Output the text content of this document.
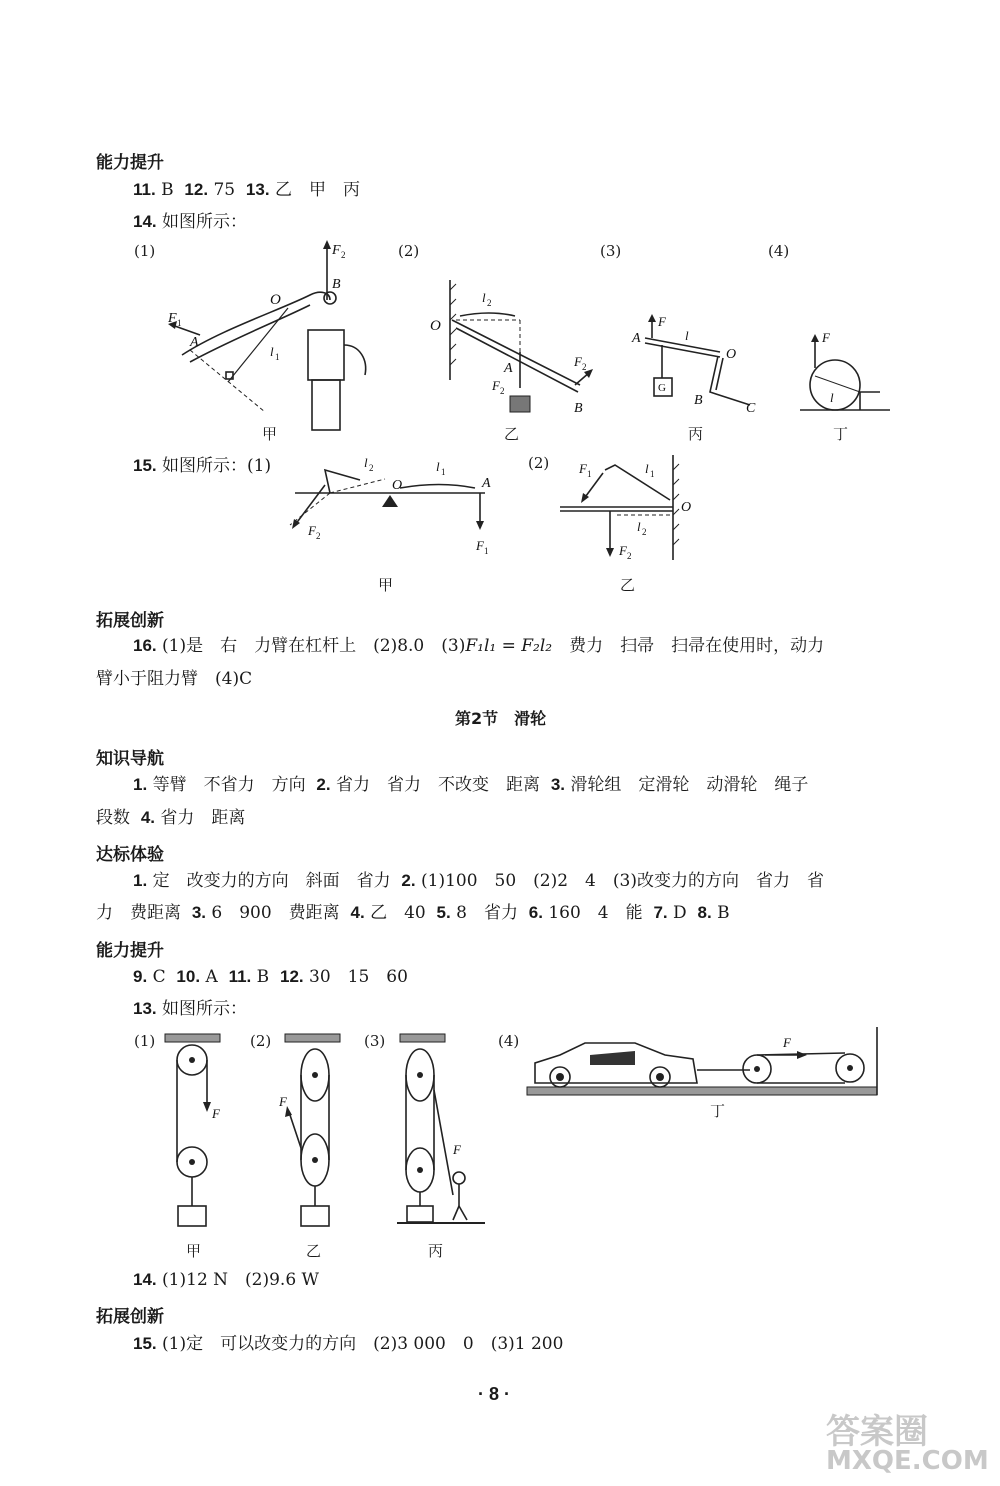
能力提升
11. B 12. 75 13. 乙　甲　丙
14. 如图所示：
(1)	(2)	(3)	(4)
F 2
B
O
F 1
A
l 1
甲
O
l 2
A
F 2
F 2
B
乙
A
F
l
O
G
B
C
丙
F
l
丁
15. 如图所示：(1)	(2)
O	A
F 1
F 2
l 2	l 1
甲
O
F 1	l 1
F 2
l 2
乙
拓展创新
16. (1)是　右　力臂在杠杆上　(2)8.0　(3)F₁l₁ = F₂l₂　费力　扫帚　扫帚在使用时，动力
臂小于阻力臂　(4)C
第2节　滑轮
知识导航
1. 等臂　不省力　方向 2. 省力　省力　不改变　距离 3. 滑轮组　定滑轮　动滑轮　绳子
段数 4. 省力　距离
达标体验
1. 定　改变力的方向　斜面　省力 2. (1)100　50　(2)2　4　(3)改变力的方向　省力　省
力　费距离 3. 6　900　费距离 4. 乙　40 5. 8　省力 6. 160　4　能 7. D 8. B
能力提升
9. C 10. A 11. B 12. 30　15　60
13. 如图所示：
(1)	(2)	(3)	(4)
F
甲
F
乙
F
丙
F
丁
14. (1)12 N　(2)9.6 W
拓展创新
15. (1)定　可以改变力的方向　(2)3 000　0　(3)1 200
· 8 ·
答案圈
MXQE.COM
